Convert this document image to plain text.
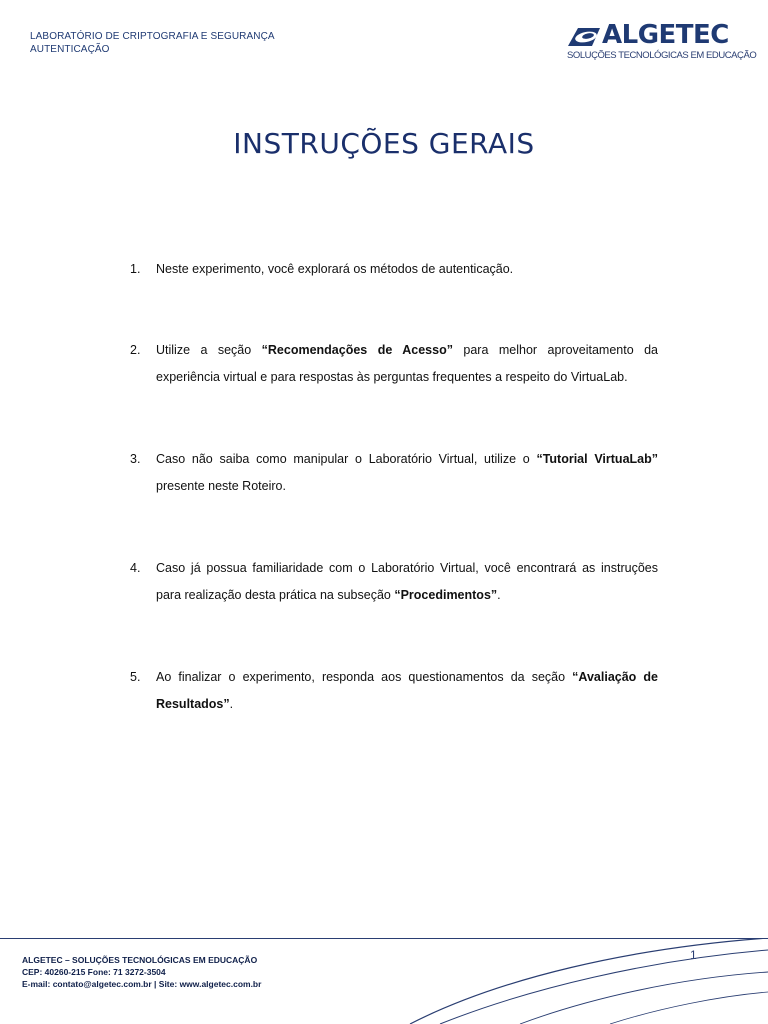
LABORATÓRIO DE CRIPTOGRAFIA E SEGURANÇA
AUTENTICAÇÃO	ALGETEC
SOLUÇÕES TECNOLÓGICAS EM EDUCAÇÃO
INSTRUÇÕES GERAIS
1. Neste experimento, você explorará os métodos de autenticação.
2. Utilize a seção “Recomendações de Acesso” para melhor aproveitamento da experiência virtual e para respostas às perguntas frequentes a respeito do VirtuaLab.
3. Caso não saiba como manipular o Laboratório Virtual, utilize o “Tutorial VirtuaLab” presente neste Roteiro.
4. Caso já possua familiaridade com o Laboratório Virtual, você encontrará as instruções para realização desta prática na subseção “Procedimentos”.
5. Ao finalizar o experimento, responda aos questionamentos da seção “Avaliação de Resultados”.
1
ALGETEC – SOLUÇÕES TECNOLÓGICAS EM EDUCAÇÃO
CEP: 40260-215 Fone: 71 3272-3504
E-mail: contato@algetec.com.br | Site: www.algetec.com.br
